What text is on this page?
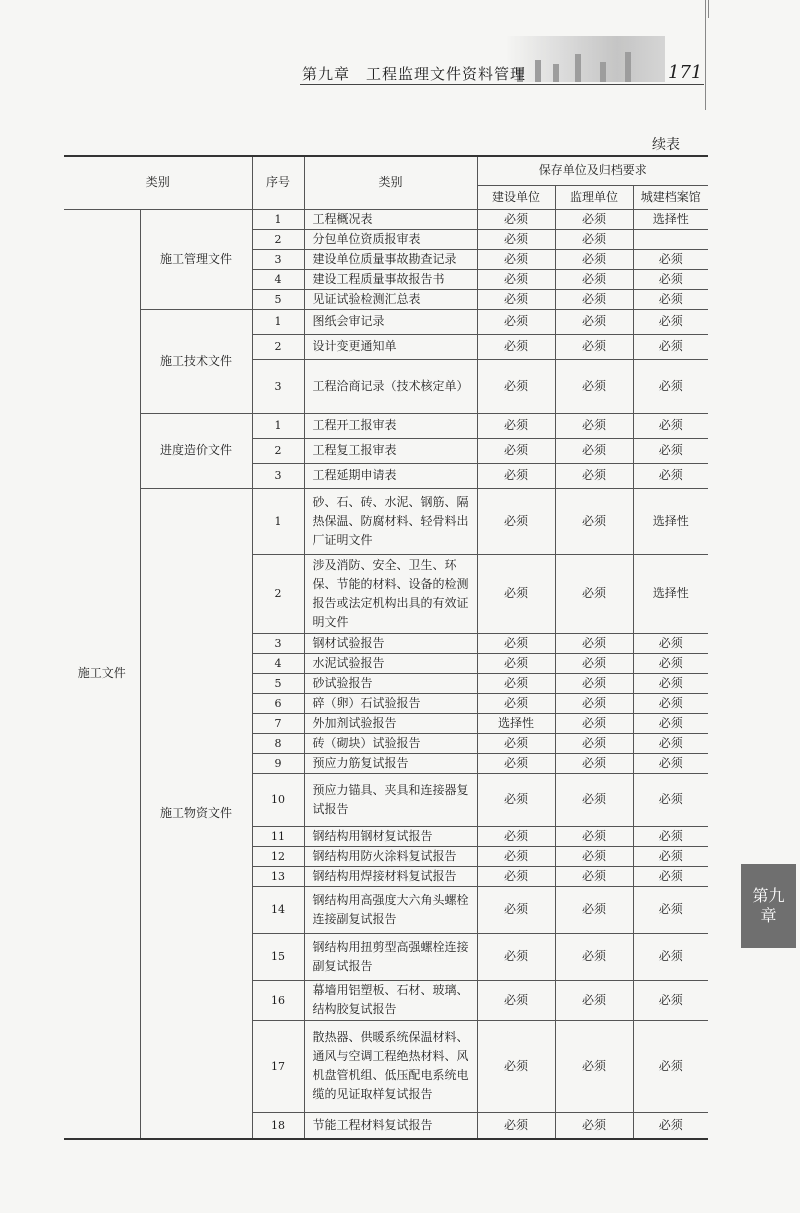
第九章　工程监理文件资料管理	171
续表
第九章
类别		序号	类别	保存单位及归档要求		
				建设单位	监理单位	城建档案馆
施工文件	施工管理文件	1	工程概况表	必须	必须	选择性
		2	分包单位资质报审表	必须	必须	
		3	建设单位质量事故勘查记录	必须	必须	必须
		4	建设工程质量事故报告书	必须	必须	必须
		5	见证试验检测汇总表	必须	必须	必须
	施工技术文件	1	图纸会审记录	必须	必须	必须
		2	设计变更通知单	必须	必须	必须
		3	工程洽商记录（技术核定单）	必须	必须	必须
	进度造价文件	1	工程开工报审表	必须	必须	必须
		2	工程复工报审表	必须	必须	必须
		3	工程延期申请表	必须	必须	必须
	施工物资文件	1	砂、石、砖、水泥、钢筋、隔热保温、防腐材料、轻骨料出厂证明文件	必须	必须	选择性
		2	涉及消防、安全、卫生、环保、节能的材料、设备的检测报告或法定机构出具的有效证明文件	必须	必须	选择性
		3	钢材试验报告	必须	必须	必须
		4	水泥试验报告	必须	必须	必须
		5	砂试验报告	必须	必须	必须
		6	碎（卵）石试验报告	必须	必须	必须
		7	外加剂试验报告	选择性	必须	必须
		8	砖（砌块）试验报告	必须	必须	必须
		9	预应力筋复试报告	必须	必须	必须
		10	预应力锚具、夹具和连接器复试报告	必须	必须	必须
		11	钢结构用钢材复试报告	必须	必须	必须
		12	钢结构用防火涂料复试报告	必须	必须	必须
		13	钢结构用焊接材料复试报告	必须	必须	必须
		14	钢结构用高强度大六角头螺栓连接副复试报告	必须	必须	必须
		15	钢结构用扭剪型高强螺栓连接副复试报告	必须	必须	必须
		16	幕墙用铝塑板、石材、玻璃、结构胶复试报告	必须	必须	必须
		17	散热器、供暖系统保温材料、通风与空调工程绝热材料、风机盘管机组、低压配电系统电缆的见证取样复试报告	必须	必须	必须
		18	节能工程材料复试报告	必须	必须	必须
